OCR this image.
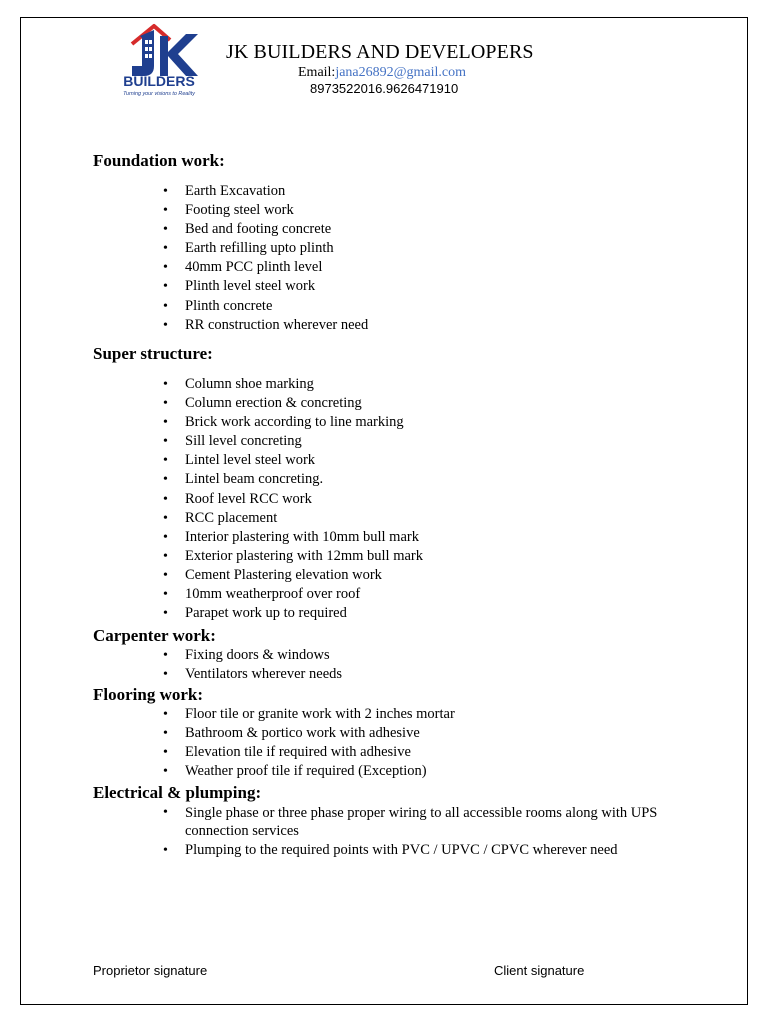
BUILDERS
Turning your visions to Reality
JK BUILDERS AND DEVELOPERS
Email:jana26892@gmail.com
8973522016.9626471910
Foundation work:
• Earth Excavation
• Footing steel work
• Bed and footing concrete
• Earth refilling upto plinth
• 40mm PCC plinth level
• Plinth level steel work
• Plinth concrete
• RR construction wherever need
Super structure:
• Column shoe marking
• Column erection & concreting
• Brick work according to line marking
• Sill level concreting
• Lintel level steel work
• Lintel beam concreting.
• Roof level RCC work
• RCC placement
• Interior plastering with 10mm bull mark
• Exterior plastering with 12mm bull mark
• Cement Plastering elevation work
• 10mm weatherproof over roof
• Parapet work up to required
Carpenter work:
• Fixing doors & windows
• Ventilators wherever needs
Flooring work:
• Floor tile or granite work with 2 inches mortar
• Bathroom & portico work with adhesive
• Elevation tile if required with adhesive
• Weather proof tile if required (Exception)
Electrical & plumping:
• Single phase or three phase proper wiring to all accessible rooms along with UPS connection services
• Plumping to the required points with PVC / UPVC / CPVC wherever need
Proprietor signature	Client signature
